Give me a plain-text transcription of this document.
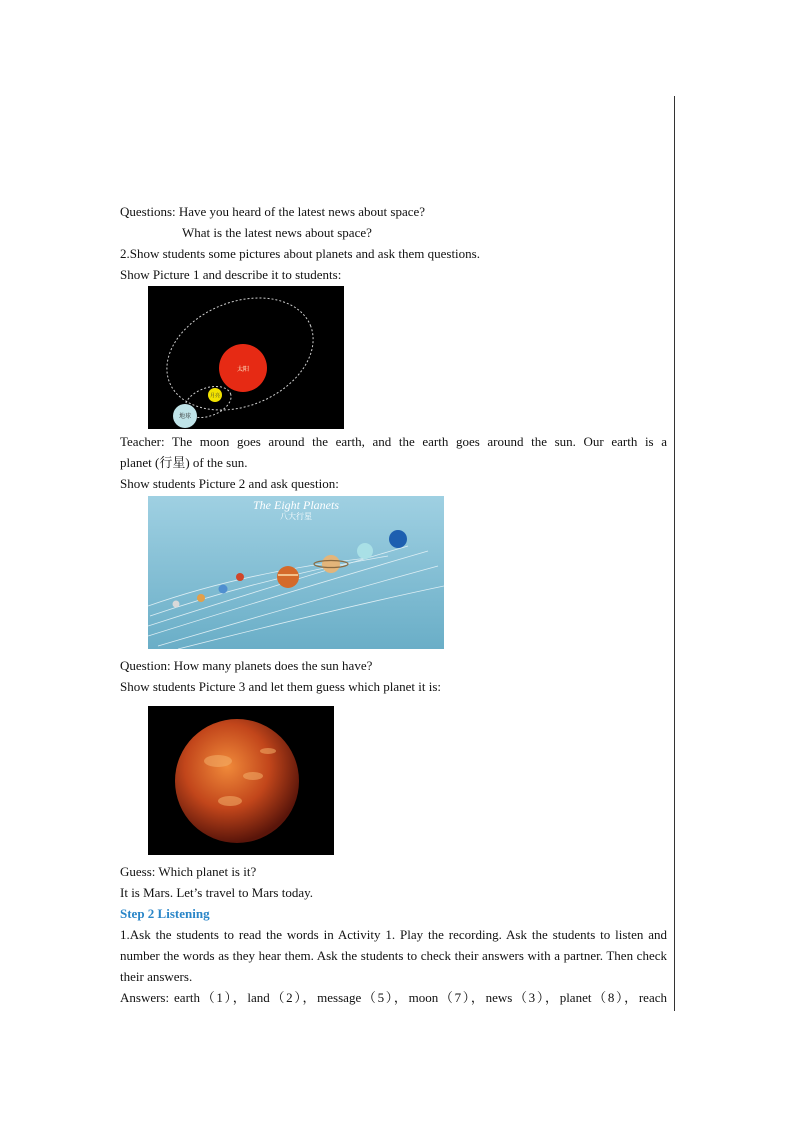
Questions: Have you heard of the latest news about space?
What is the latest news about space?
2.Show students some pictures about planets and ask them questions.
Show Picture 1 and describe it to students:
太阳
月亮
地球
Teacher: The moon goes around the earth, and the earth goes around the sun. Our earth is a
planet (行星) of the sun.
Show students Picture 2 and ask question:
The Eight Planets
八大行星
Question: How many planets does the sun have?
Show students Picture 3 and let them guess which planet it is:
Guess: Which planet is it?
It is Mars. Let’s travel to Mars today.
Step 2 Listening
1.Ask the students to read the words in Activity 1. Play the recording. Ask the students to listen and number the words as they hear them. Ask the students to check their answers with a partner. Then check their answers.
Answers: earth（1），land（2），message（5），moon（7），news（3），planet（8），reach
